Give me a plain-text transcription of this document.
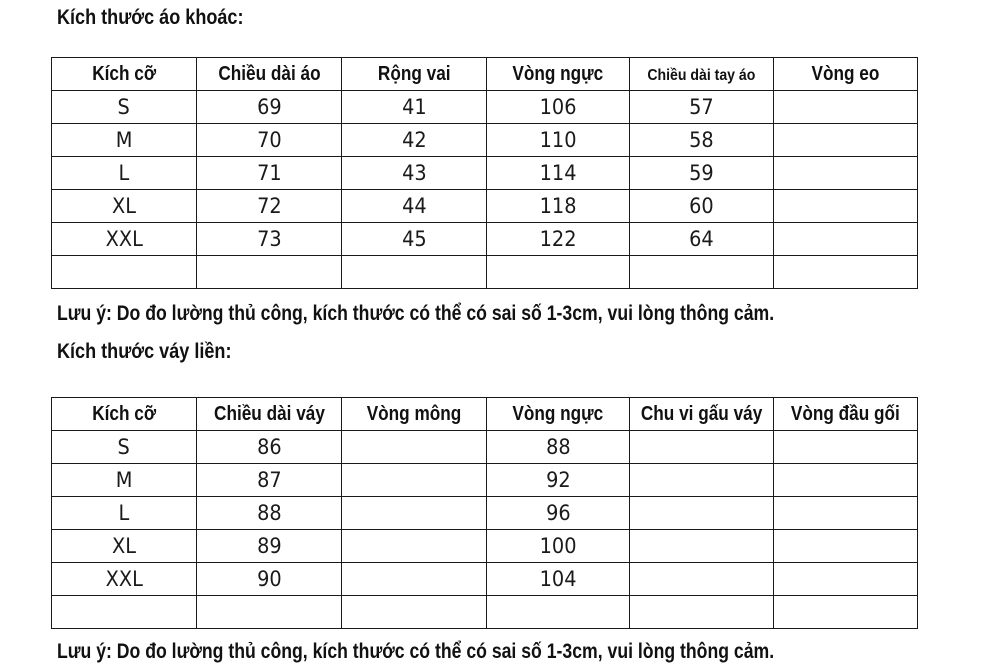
Kích thước áo khoác:
Kích cỡ	Chiều dài áo	Rộng vai	Vòng ngực	Chiều dài tay áo	Vòng eo
S	69	41	106	57	
M	70	42	110	58	
L	71	43	114	59	
XL	72	44	118	60	
XXL	73	45	122	64	

Lưu ý: Do đo lường thủ công, kích thước có thể có sai số 1-3cm, vui lòng thông cảm.
Kích thước váy liền:
Kích cỡ	Chiều dài váy	Vòng mông	Vòng ngực	Chu vi gấu váy	Vòng đầu gối
S	86		88		
M	87		92		
L	88		96		
XL	89		100		
XXL	90		104		

Lưu ý: Do đo lường thủ công, kích thước có thể có sai số 1-3cm, vui lòng thông cảm.
